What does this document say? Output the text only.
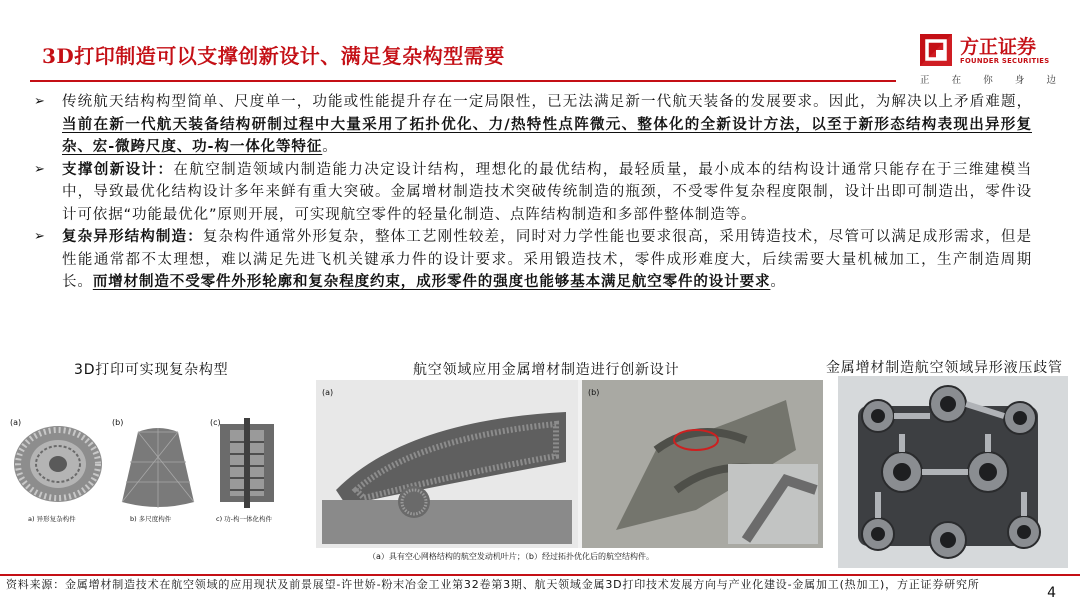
3D打印制造可以支撑创新设计、满足复杂构型需要	方正证券
FOUNDER SECURITIES
正 在 你 身 边
➢ 传统航天结构构型简单、尺度单一，功能或性能提升存在一定局限性，已无法满足新一代航天装备的发展要求。因此，为解决以上矛盾难题，当前在新一代航天装备结构研制过程中大量采用了拓扑优化、力/热特性点阵微元、整体化的全新设计方法，以至于新形态结构表现出异形复杂、宏-微跨尺度、功-构一体化等特征。
➢ 支撑创新设计：在航空制造领域内制造能力决定设计结构，理想化的最优结构，最轻质量，最小成本的结构设计通常只能存在于三维建模当中，导致最优化结构设计多年来鲜有重大突破。金属增材制造技术突破传统制造的瓶颈，不受零件复杂程度限制，设计出即可制造出，零件设计可依据“功能最优化”原则开展，可实现航空零件的轻量化制造、点阵结构制造和多部件整体制造等。
➢ 复杂异形结构制造：复杂构件通常外形复杂，整体工艺刚性较差，同时对力学性能也要求很高，采用铸造技术，尽管可以满足成形需求，但是性能通常都不太理想，难以满足先进飞机关键承力件的设计要求。采用锻造技术，零件成形难度大，后续需要大量机械加工，生产制造周期长。而增材制造不受零件外形轮廓和复杂程度约束，成形零件的强度也能够基本满足航空零件的设计要求。
3D打印可实现复杂构型	航空领域应用金属增材制造进行创新设计	金属增材制造航空领域异形液压歧管
(a)	(b)	(c)
a) 异形复杂构件	b) 多尺度构件	c) 功-构一体化构件
(a)	(b)
（a）具有空心网格结构的航空发动机叶片；（b）经过拓扑优化后的航空结构件。
资料来源：金属增材制造技术在航空领域的应用现状及前景展望-许世娇-粉末冶金工业第32卷第3期、航天领域金属3D打印技术发展方向与产业化建设-金属加工(热加工)，方正证券研究所
4
